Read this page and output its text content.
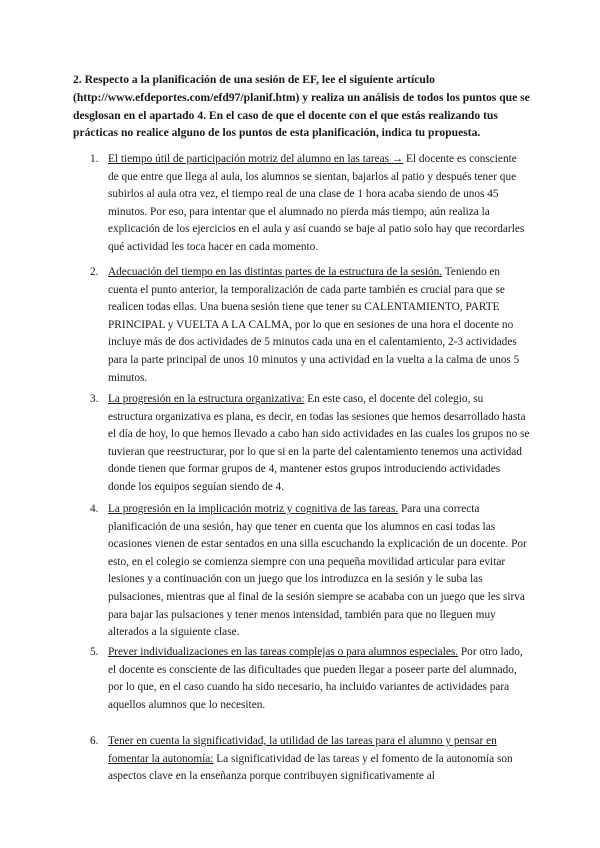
2. Respecto a la planificación de una sesión de EF, lee el siguiente artículo (http://www.efdeportes.com/efd97/planif.htm) y realiza un análisis de todos los puntos que se desglosan en el apartado 4. En el caso de que el docente con el que estás realizando tus prácticas no realice alguno de los puntos de esta planificación, indica tu propuesta.

1. El tiempo útil de participación motriz del alumno en las tareas → El docente es consciente de que entre que llega al aula, los alumnos se sientan, bajarlos al patio y después tener que subirlos al aula otra vez, el tiempo real de una clase de 1 hora acaba siendo de unos 45 minutos. Por eso, para intentar que el alumnado no pierda más tiempo, aún realiza la explicación de los ejercicios en el aula y así cuando se baje al patio solo hay que recordarles qué actividad les toca hacer en cada momento.
2. Adecuación del tiempo en las distintas partes de la estructura de la sesión. Teniendo en cuenta el punto anterior, la temporalización de cada parte también es crucial para que se realicen todas ellas. Una buena sesión tiene que tener su CALENTAMIENTO, PARTE PRINCIPAL y VUELTA A LA CALMA, por lo que en sesiones de una hora el docente no incluye más de dos actividades de 5 minutos cada una en el calentamiento, 2-3 actividades para la parte principal de unos 10 minutos y una actividad en la vuelta a la calma de unos 5 minutos.
3. La progresión en la estructura organizativa: En este caso, el docente del colegio, su estructura organizativa es plana, es decir, en todas las sesiones que hemos desarrollado hasta el día de hoy, lo que hemos llevado a cabo han sido actividades en las cuales los grupos no se tuvieran que reestructurar, por lo que si en la parte del calentamiento tenemos una actividad donde tienen que formar grupos de 4, mantener estos grupos introduciendo actividades donde los equipos seguían siendo de 4.
4. La progresión en la implicación motriz y cognitiva de las tareas. Para una correcta planificación de una sesión, hay que tener en cuenta que los alumnos en casi todas las ocasiones vienen de estar sentados en una silla escuchando la explicación de un docente. Por esto, en el colegio se comienza siempre con una pequeña movilidad articular para evitar lesiones y a continuación con un juego que los introduzca en la sesión y le suba las pulsaciones, mientras que al final de la sesión siempre se acababa con un juego que les sirva para bajar las pulsaciones y tener menos intensidad, también para que no lleguen muy alterados a la siguiente clase.
5. Prever individualizaciones en las tareas complejas o para alumnos especiales. Por otro lado, el docente es consciente de las dificultades que pueden llegar a poseer parte del alumnado, por lo que, en el caso cuando ha sido necesario, ha incluido variantes de actividades para aquellos alumnos que lo necesiten.
6. Tener en cuenta la significatividad, la utilidad de las tareas para el alumno y pensar en fomentar la autonomía: La significatividad de las tareas y el fomento de la autonomía son aspectos clave en la enseñanza porque contribuyen significativamente al
